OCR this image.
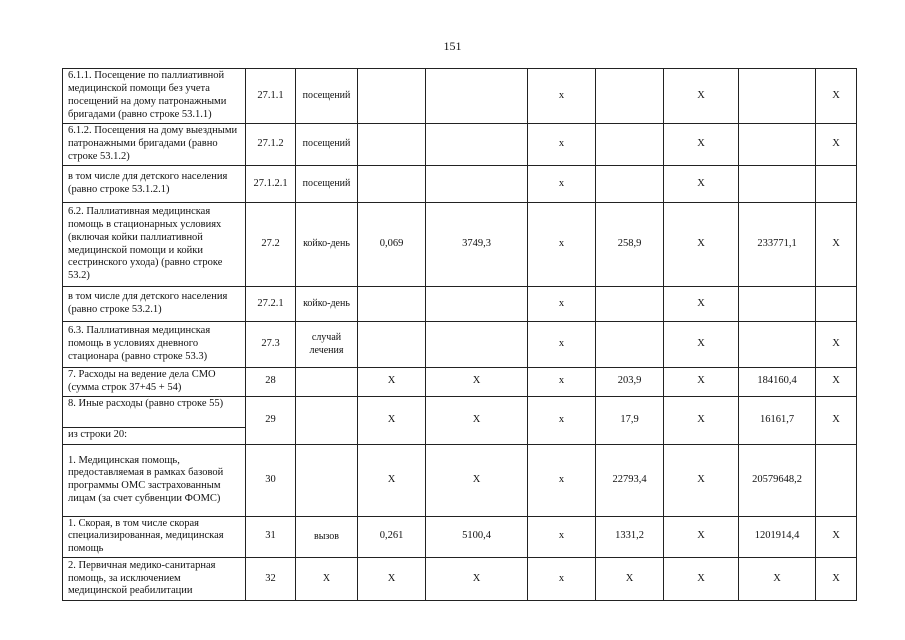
151
6.1.1. Посещение по паллиативной медицинской помощи без учета посещений на дому патронажными бригадами (равно строке 53.1.1)	27.1.1	посещений			х		Х		Х
6.1.2. Посещения на дому выездными патронажными бригадами (равно строке 53.1.2)	27.1.2	посещений			х		Х		Х
в том числе для детского населения (равно строке 53.1.2.1)	27.1.2.1	посещений			х		Х		
6.2. Паллиативная медицинская помощь в стационарных условиях (включая койки паллиативной медицинской помощи и койки сестринского ухода) (равно строке 53.2)	27.2	койко-день	0,069	3749,3	х	258,9	Х	233771,1	Х
в том числе для детского населения (равно строке 53.2.1)	27.2.1	койко-день			х		Х		
6.3. Паллиативная медицинская помощь в условиях дневного стационара (равно строке 53.3)	27.3	случай лечения			х		Х		Х
7. Расходы на ведение дела СМО (сумма строк 37+45 + 54)	28		Х	Х	х	203,9	Х	184160,4	Х

8. Иные расходы (равно строке 55)
из строки 20:	29		Х	Х	х	17,9	Х	16161,7	Х
1. Медицинская помощь, предоставляемая в рамках базовой программы ОМС застрахованным лицам (за счет субвенции ФОМС)	30		Х	Х	х	22793,4	Х	20579648,2	
1. Скорая, в том числе скорая специализированная, медицинская помощь	31	вызов	0,261	5100,4	х	1331,2	Х	1201914,4	Х
2. Первичная медико-санитарная помощь, за исключением медицинской реабилитации	32	Х	Х	Х	х	Х	Х	Х	Х
